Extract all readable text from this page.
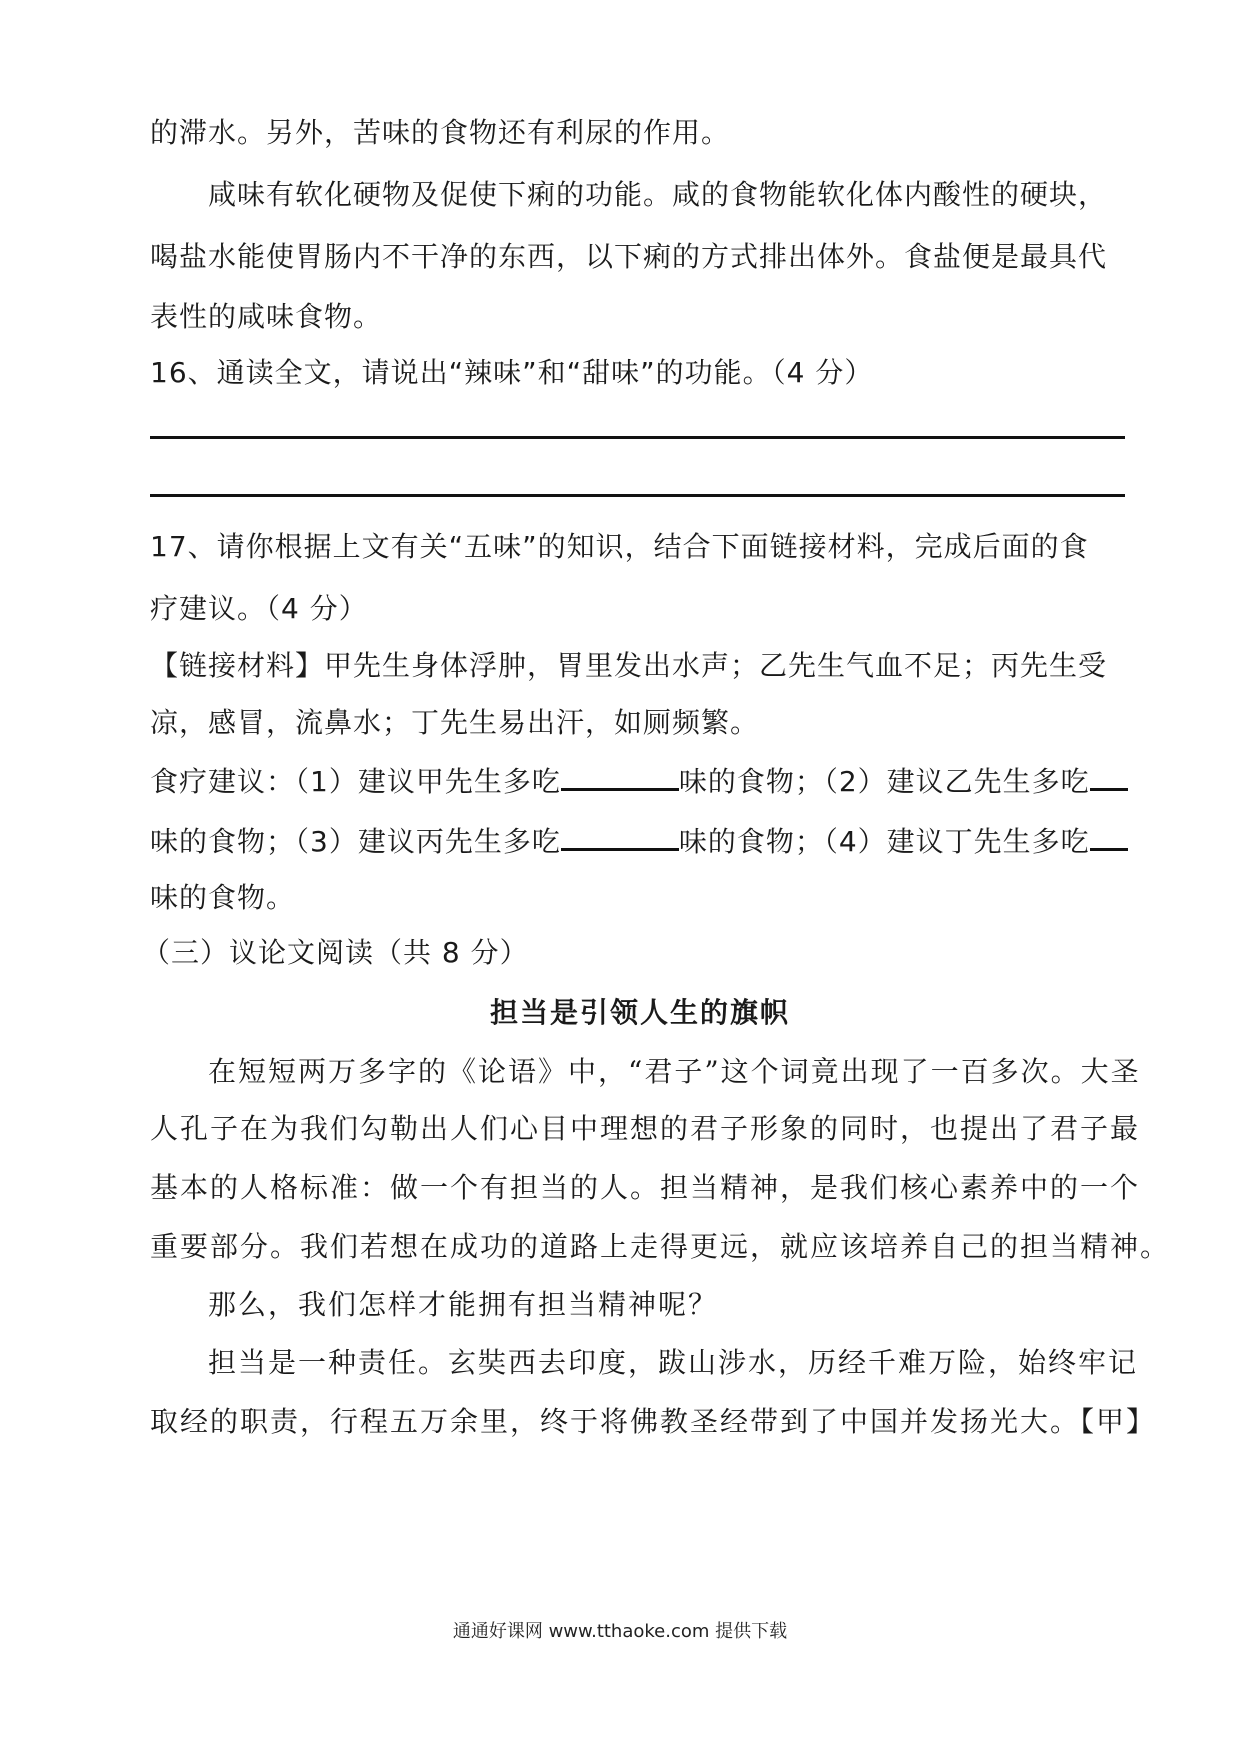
的滞水。另外，苦味的食物还有利尿的作用。
咸味有软化硬物及促使下痢的功能。咸的食物能软化体内酸性的硬块，
喝盐水能使胃肠内不干净的东西，以下痢的方式排出体外。食盐便是最具代
表性的咸味食物。
16、通读全文，请说出“辣味”和“甜味”的功能。（4 分）
17、请你根据上文有关“五味”的知识，结合下面链接材料，完成后面的食
疗建议。（4 分）
【链接材料】甲先生身体浮肿，胃里发出水声；乙先生气血不足；丙先生受
凉，感冒，流鼻水；丁先生易出汗，如厕频繁。
食疗建议：（1）建议甲先生多吃	味的食物；（2）建议乙先生多吃
味的食物；（3）建议丙先生多吃	味的食物；（4）建议丁先生多吃
味的食物。
（三）议论文阅读（共 8 分）
担当是引领人生的旗帜
在短短两万多字的《论语》中，“君子”这个词竟出现了一百多次。大圣
人孔子在为我们勾勒出人们心目中理想的君子形象的同时，也提出了君子最
基本的人格标准：做一个有担当的人。担当精神，是我们核心素养中的一个
重要部分。我们若想在成功的道路上走得更远，就应该培养自己的担当精神。
那么，我们怎样才能拥有担当精神呢？
担当是一种责任。玄奘西去印度，跋山涉水，历经千难万险，始终牢记
取经的职责，行程五万余里，终于将佛教圣经带到了中国并发扬光大。【甲】
通通好课网 www.tthaoke.com 提供下载
